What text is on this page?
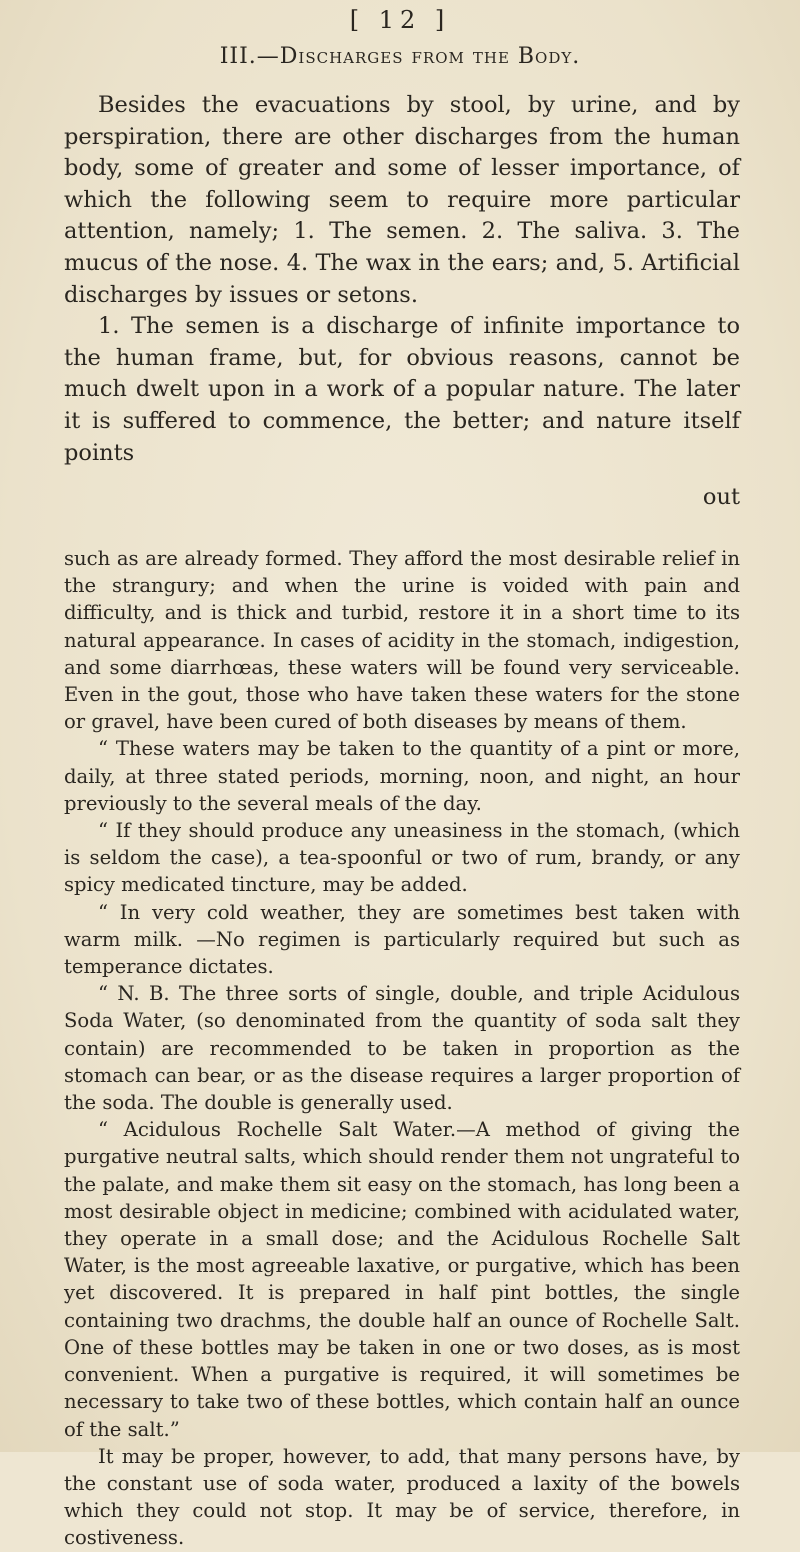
[ 12 ]
III.—Discharges from the Body.

Besides the evacuations by stool, by urine, and by perspiration, there are other discharges from the human body, some of greater and some of lesser importance, of which the following seem to require more particular attention, namely; 1. The semen. 2. The saliva. 3. The mucus of the nose. 4. The wax in the ears; and, 5. Artificial discharges by issues or setons.

1. The semen is a discharge of infinite importance to the human frame, but, for obvious reasons, cannot be much dwelt upon in a work of a popular nature. The later it is suffered to commence, the better; and nature itself points

out

such as are already formed. They afford the most desirable relief in the strangury; and when the urine is voided with pain and difficulty, and is thick and turbid, restore it in a short time to its natural appearance. In cases of acidity in the stomach, indigestion, and some diarrhœas, these waters will be found very serviceable. Even in the gout, those who have taken these waters for the stone or gravel, have been cured of both diseases by means of them.

“ These waters may be taken to the quantity of a pint or more, daily, at three stated periods, morning, noon, and night, an hour previously to the several meals of the day.

“ If they should produce any uneasiness in the stomach, (which is seldom the case), a tea-spoonful or two of rum, brandy, or any spicy medicated tincture, may be added.

“ In very cold weather, they are sometimes best taken with warm milk. —No regimen is particularly required but such as temperance dictates.

“ N. B. The three sorts of single, double, and triple Acidulous Soda Water, (so denominated from the quantity of soda salt they contain) are recommended to be taken in proportion as the stomach can bear, or as the disease requires a larger proportion of the soda. The double is generally used.

“ Acidulous Rochelle Salt Water.—A method of giving the purgative neutral salts, which should render them not ungrateful to the palate, and make them sit easy on the stomach, has long been a most desirable object in medicine; combined with acidulated water, they operate in a small dose; and the Acidulous Rochelle Salt Water, is the most agreeable laxative, or purgative, which has been yet discovered. It is prepared in half pint bottles, the single containing two drachms, the double half an ounce of Rochelle Salt. One of these bottles may be taken in one or two doses, as is most convenient. When a purgative is required, it will sometimes be necessary to take two of these bottles, which contain half an ounce of the salt.”

It may be proper, however, to add, that many persons have, by the constant use of soda water, produced a laxity of the bowels which they could not stop. It may be of service, therefore, in costiveness.
